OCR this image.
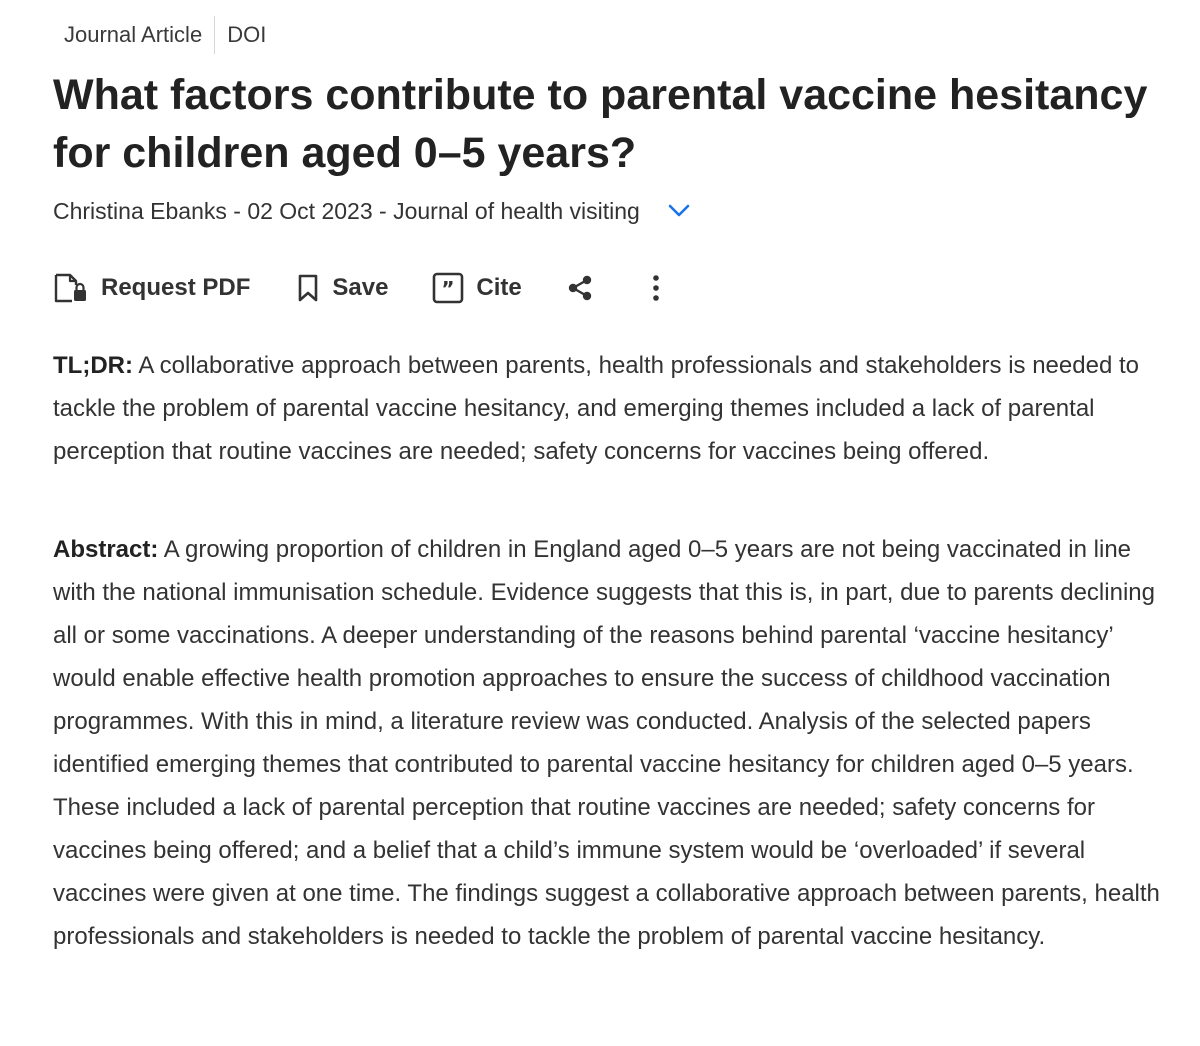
Journal Article	DOI
What factors contribute to parental vaccine hesitancy for children aged 0–5 years?
Christina Ebanks - 02 Oct 2023 - Journal of health visiting
Request PDF	Save	” Cite

TL;DR: A collaborative approach between parents, health professionals and stakeholders is needed to tackle the problem of parental vaccine hesitancy, and emerging themes included a lack of parental perception that routine vaccines are needed; safety concerns for vaccines being offered.

Abstract: A growing proportion of children in England aged 0–5 years are not being vaccinated in line with the national immunisation schedule. Evidence suggests that this is, in part, due to parents declining all or some vaccinations. A deeper understanding of the reasons behind parental ‘vaccine hesitancy’ would enable effective health promotion approaches to ensure the success of childhood vaccination programmes. With this in mind, a literature review was conducted. Analysis of the selected papers identified emerging themes that contributed to parental vaccine hesitancy for children aged 0–5 years. These included a lack of parental perception that routine vaccines are needed; safety concerns for vaccines being offered; and a belief that a child’s immune system would be ‘overloaded’ if several vaccines were given at one time. The findings suggest a collaborative approach between parents, health professionals and stakeholders is needed to tackle the problem of parental vaccine hesitancy.
